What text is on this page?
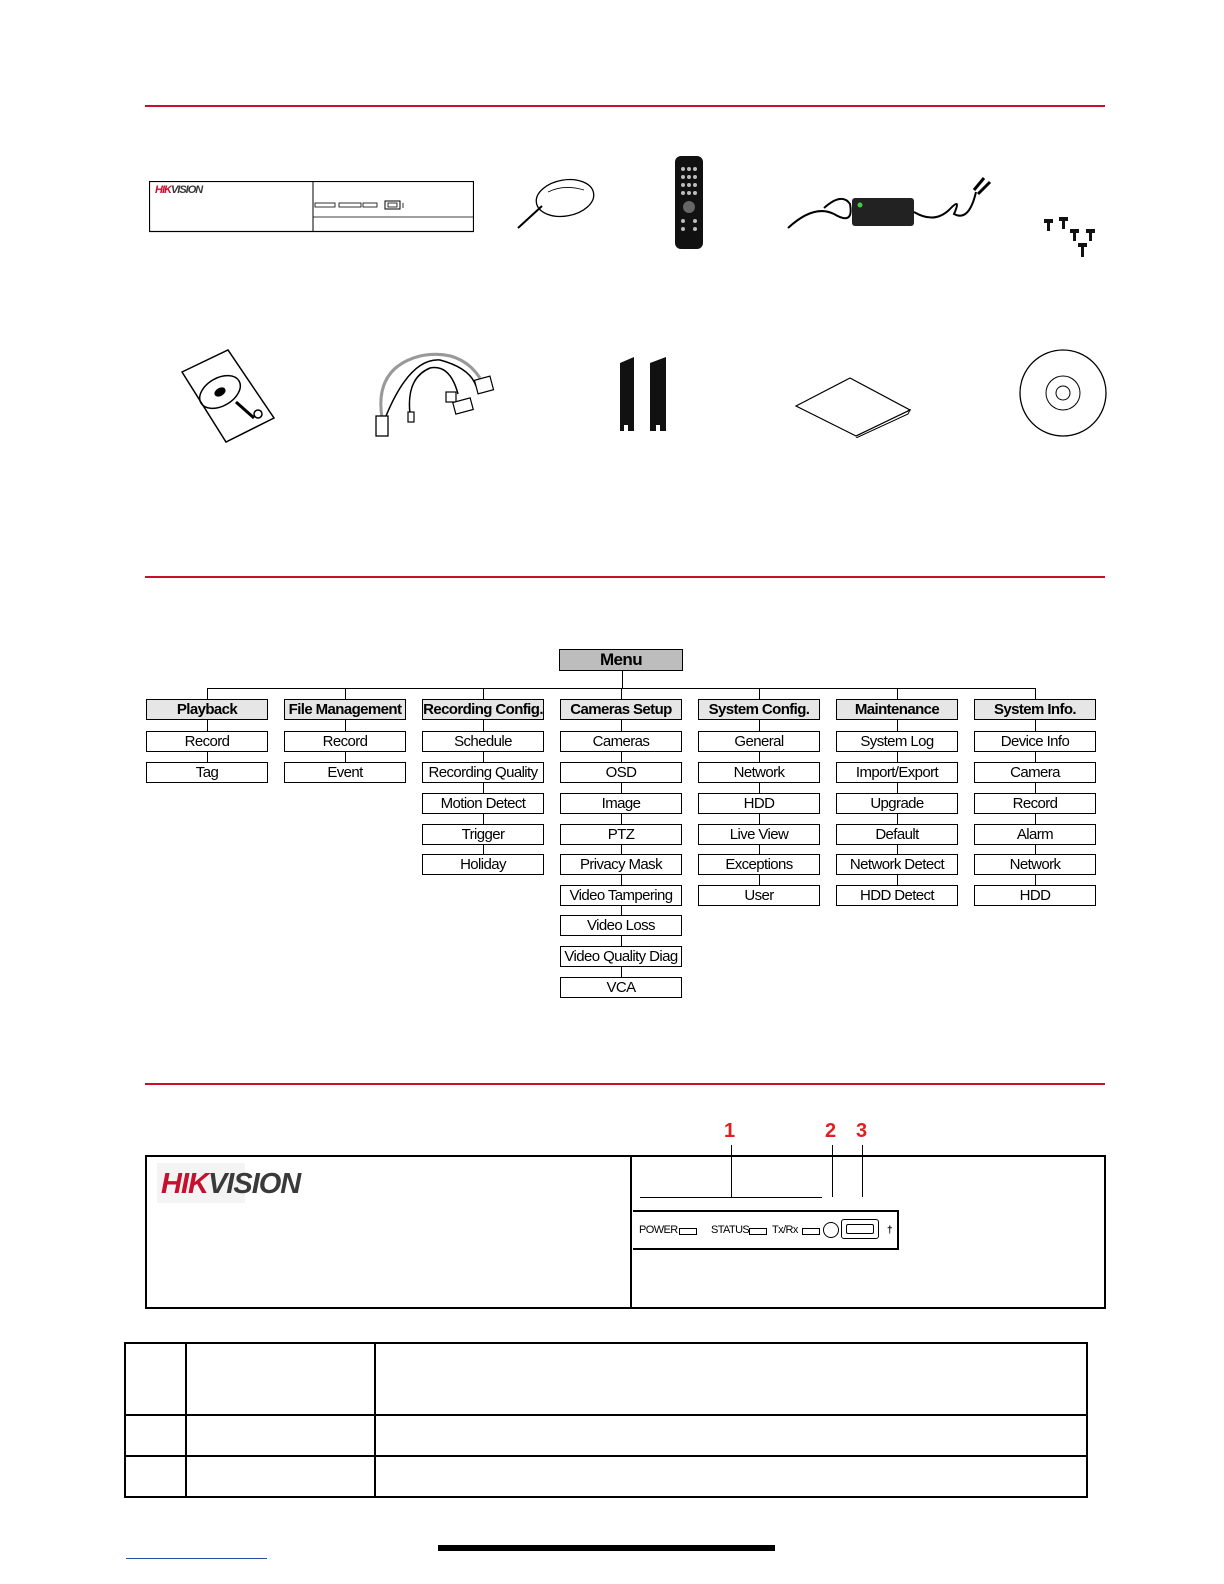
HIKVISION
Menu
Playback
Record
Tag
File Management
Record
Event
Recording Config.
Schedule
Recording Quality
Motion Detect
Trigger
Holiday
Cameras Setup
Cameras
OSD
Image
PTZ
Privacy Mask
Video Tampering
Video Loss
Video Quality Diag
VCA
System Config.
General
Network
HDD
Live View
Exceptions
User
Maintenance
System Log
Import/Export
Upgrade
Default
Network Detect
HDD Detect
System Info.
Device Info
Camera
Record
Alarm
Network
HDD
1	2 3
HIKVISION
POWER	STATUS Tx/Rx	†
